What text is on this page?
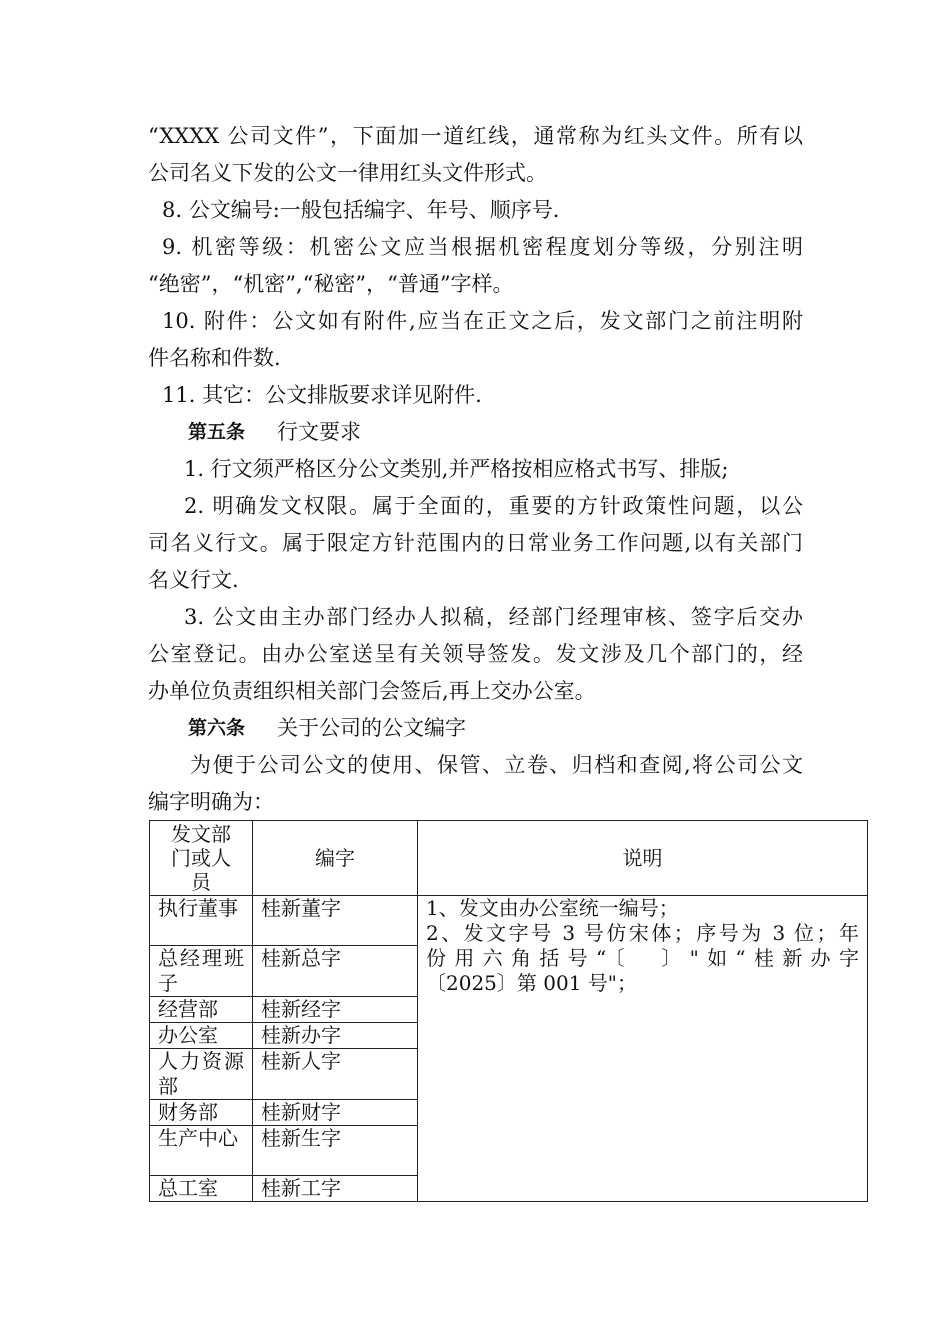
“XXXX 公司文件”，下面加一道红线，通常称为红头文件。所有以
公司名义下发的公文一律用红头文件形式。
8. 公文编号:一般包括编字、年号、顺序号.
9. 机密等级：机密公文应当根据机密程度划分等级，分别注明
“绝密”，“机密”,“秘密”，“普通”字样。
10. 附件：公文如有附件,应当在正文之后，发文部门之前注明附
件名称和件数.
11. 其它：公文排版要求详见附件.
第五条 行文要求
1. 行文须严格区分公文类别,并严格按相应格式书写、排版;
2. 明确发文权限。属于全面的，重要的方针政策性问题，以公
司名义行文。属于限定方针范围内的日常业务工作问题,以有关部门
名义行文.
3. 公文由主办部门经办人拟稿，经部门经理审核、签字后交办
公室登记。由办公室送呈有关领导签发。发文涉及几个部门的，经
办单位负责组织相关部门会签后,再上交办公室。
第六条 关于公司的公文编字
为便于公司公文的使用、保管、立卷、归档和查阅,将公司公文
编字明确为：
发文部门或人员	编字	说明
执行董事	桂新董字	1、发文由办公室统一编号；
2、发文字号 3 号仿宋体；序号为 3 位；年
份用六角括号“〔　〕"如“桂新办字
〔2025〕第 001 号"；

总经理班子	桂新总字	
经营部	桂新经字	
办公室	桂新办字	
人力资源部	桂新人字	
财务部	桂新财字	
生产中心	桂新生字	
总工室	桂新工字	
